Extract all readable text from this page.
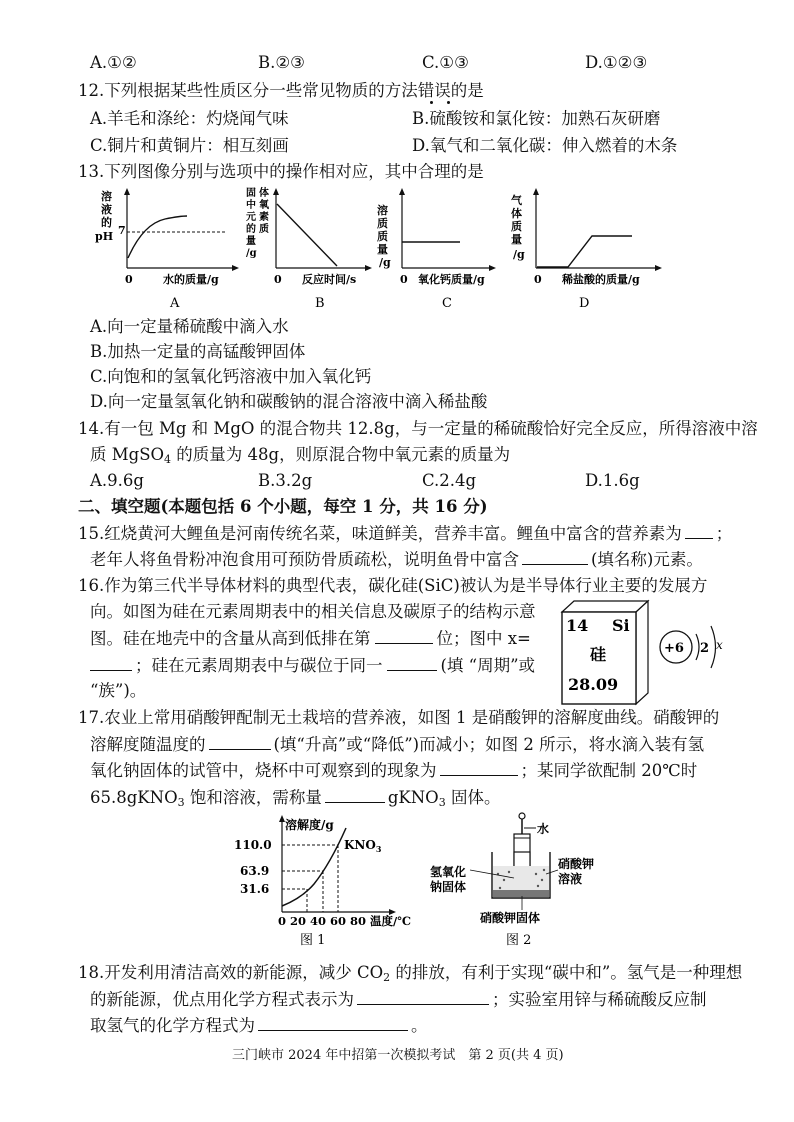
A.①②	B.②③	C.①③	D.①②③
12.下列根据某些性质区分一些常见物质的方法错误的是
A.羊毛和涤纶：灼烧闻气味	B.硫酸铵和氯化铵：加熟石灰研磨
C.铜片和黄铜片：相互刻画	D.氧气和二氧化碳：伸入燃着的木条
13.下列图像分别与选项中的操作相对应，其中合理的是
溶
液
的
pH 7
0	水的质量/g
A
固 体
中 氧
元 素
的 质
量
/g
0 反应时间/s
B
溶
质
质
量
/g
0 氧化钙质量/g
C
气
体
质
量
/g
0 稀盐酸的质量/g
D
A.向一定量稀硫酸中滴入水
B.加热一定量的高锰酸钾固体
C.向饱和的氢氧化钙溶液中加入氧化钙
D.向一定量氢氧化钠和碳酸钠的混合溶液中滴入稀盐酸
14.有一包 Mg 和 MgO 的混合物共 12.8g，与一定量的稀硫酸恰好完全反应，所得溶液中溶
质 MgSO$_4$ 的质量为 48g，则原混合物中氧元素的质量为
A.9.6g	B.3.2g	C.2.4g	D.1.6g
二、填空题(本题包括 6 个小题，每空 1 分，共 16 分)
15.红烧黄河大鲤鱼是河南传统名菜，味道鲜美，营养丰富。鲤鱼中富含的营养素为 ；
老年人将鱼骨粉冲泡食用可预防骨质疏松，说明鱼骨中富含	(填名称)元素。
16.作为第三代半导体材料的典型代表，碳化硅(SiC)被认为是半导体行业主要的发展方
向。如图为硅在元素周期表中的相关信息及碳原子的结构示意
图。硅在地壳中的含量从高到低排在第	位；图中 x=
；硅在元素周期表中与碳位于同一	(填 “周期”或
“族”)。
14 Si
硅
28.09
+6 2 x
17.农业上常用硝酸钾配制无土栽培的营养液，如图 1 是硝酸钾的溶解度曲线。硝酸钾的
溶解度随温度的	(填“升高”或“降低”)而减小；如图 2 所示，将水滴入装有氢
氧化钠固体的试管中，烧杯中可观察到的现象为	；某同学欲配制 20℃时
65.8gKNO$_3$ 饱和溶液，需称量	gKNO$_3$ 固体。
溶解度/g
110.0
63.9
31.6
$KNO_3$
0 20 40 60 80 温度/℃
图 1
水
氢氧化
钠固体
硝酸钾
溶液
硝酸钾固体
图 2
18.开发利用清洁高效的新能源，减少 $CO_2$ 的排放，有利于实现“碳中和”。氢气是一种理想
的新能源，优点用化学方程式表示为	；实验室用锌与稀硫酸反应制
取氢气的化学方程式为	。
三门峡市 2024 年中招第一次模拟考试　第 2 页(共 4 页)
